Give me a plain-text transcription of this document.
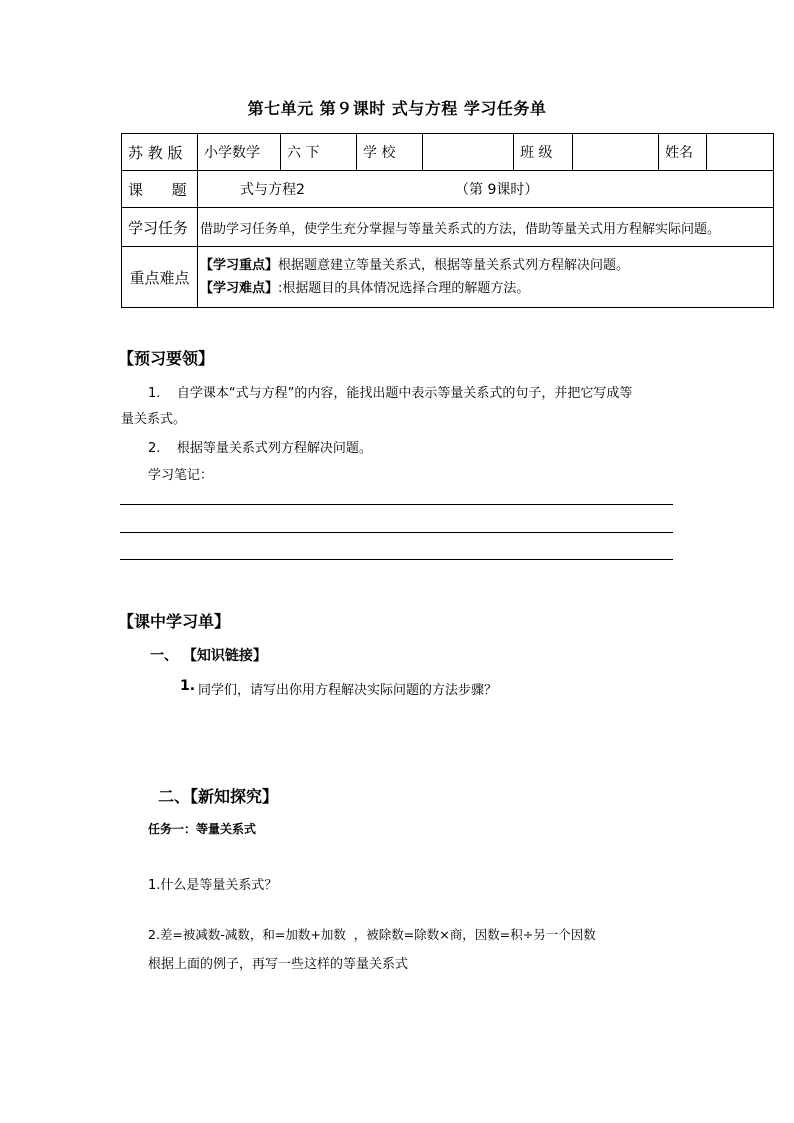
第七单元 第９课时 式与方程 学习任务单
苏 教 版	小学数学	六 下	学 校		班 级		姓名	
课      题	式与方程2 （第 9课时）							
学习任务	借助学习任务单，使学生充分掌握与等量关系式的方法，借助等量关式用方程解实际问题。							
重点难点	【学习重点】根据题意建立等量关系式，根据等量关系式列方程解决问题。
【学习难点】:根据题目的具体情况选择合理的解题方法。							
【预习要领】
1.    自学课本“式与方程”的内容，能找出题中表示等量关系式的句子，并把它写成等
量关系式。
2.    根据等量关系式列方程解决问题。
学习笔记：
【课中学习单】
一、 【知识链接】
1. 同学们，请写出你用方程解决实际问题的方法步骤？
二、【新知探究】
任务一：等量关系式
1.什么是等量关系式？
2.差=被减数-减数，和=加数+加数  ，被除数=除数×商，因数=积÷另一个因数
根据上面的例子，再写一些这样的等量关系式
